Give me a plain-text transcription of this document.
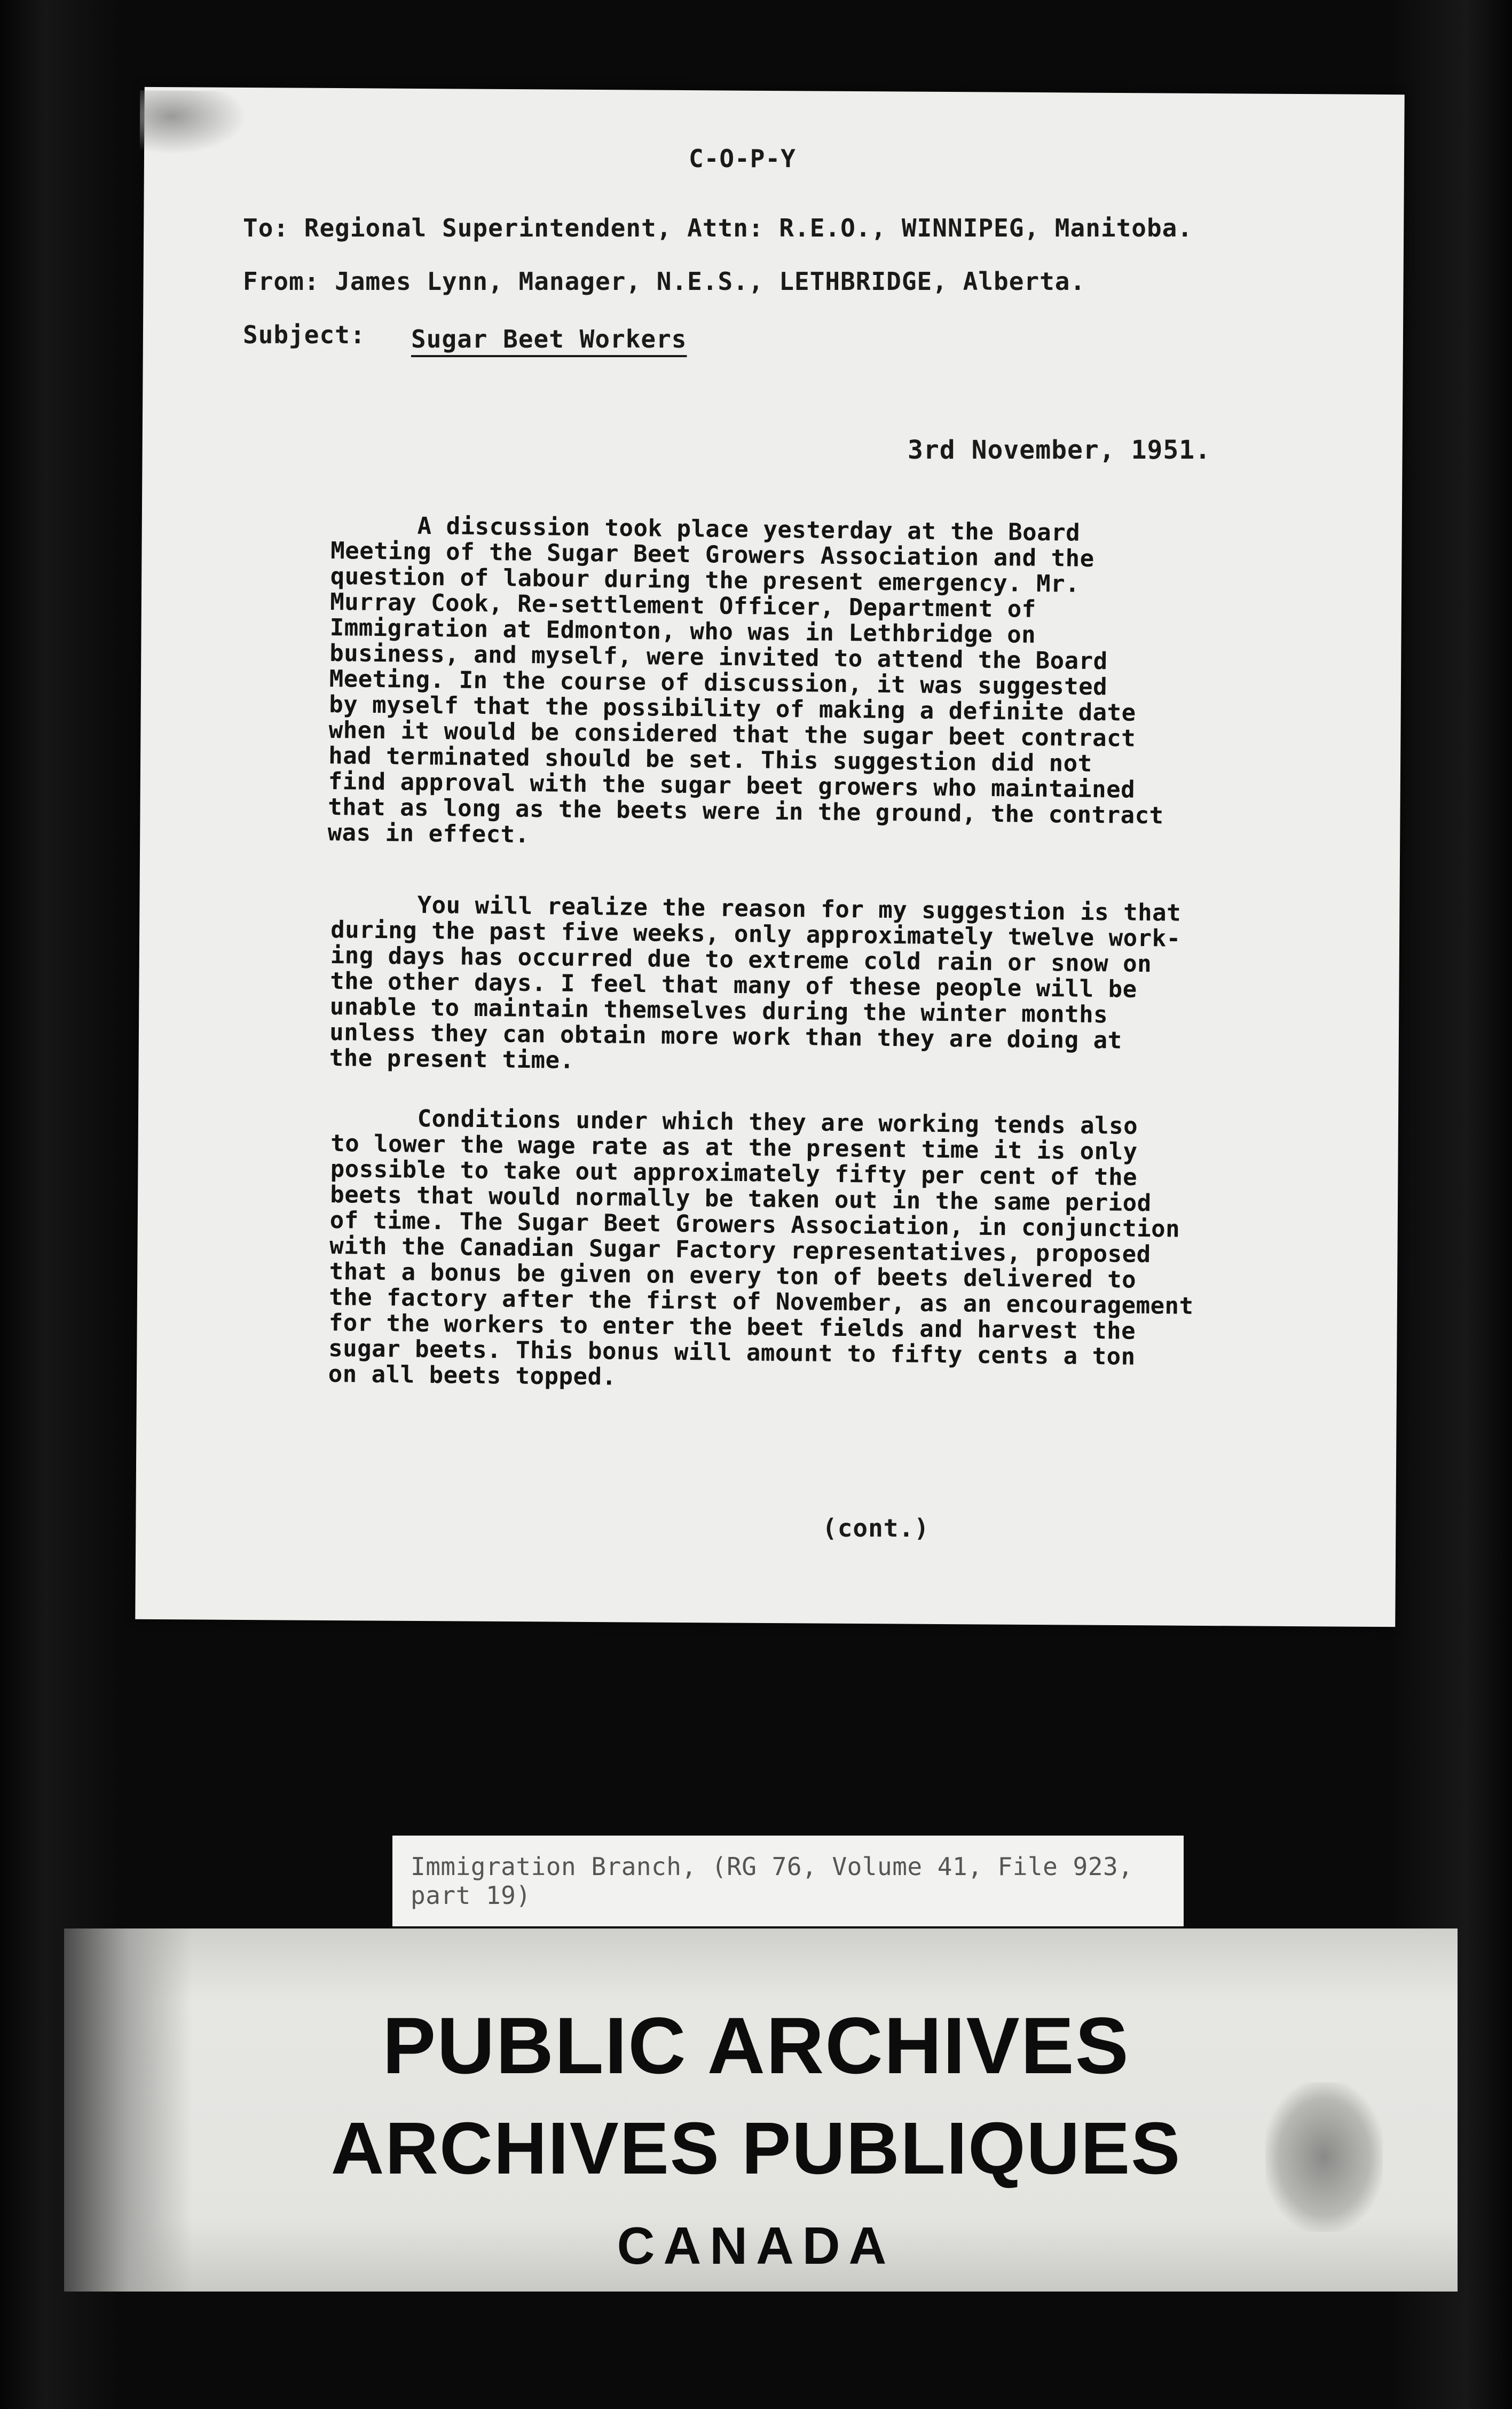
C-O-P-Y
To: Regional Superintendent, Attn: R.E.O., WINNIPEG, Manitoba.
From: James Lynn, Manager, N.E.S., LETHBRIDGE, Alberta.
Subject: Sugar Beet Workers
3rd November, 1951.

A discussion took place yesterday at the Board
Meeting of the Sugar Beet Growers Association and the
question of labour during the present emergency. Mr.
Murray Cook, Re-settlement Officer, Department of
Immigration at Edmonton, who was in Lethbridge on
business, and myself, were invited to attend the Board
Meeting. In the course of discussion, it was suggested
by myself that the possibility of making a definite date
when it would be considered that the sugar beet contract
had terminated should be set. This suggestion did not
find approval with the sugar beet growers who maintained
that as long as the beets were in the ground, the contract
was in effect.

You will realize the reason for my suggestion is that
during the past five weeks, only approximately twelve work-
ing days has occurred due to extreme cold rain or snow on
the other days. I feel that many of these people will be
unable to maintain themselves during the winter months
unless they can obtain more work than they are doing at
the present time.

Conditions under which they are working tends also
to lower the wage rate as at the present time it is only
possible to take out approximately fifty per cent of the
beets that would normally be taken out in the same period
of time. The Sugar Beet Growers Association, in conjunction
with the Canadian Sugar Factory representatives, proposed
that a bonus be given on every ton of beets delivered to
the factory after the first of November, as an encouragement
for the workers to enter the beet fields and harvest the
sugar beets. This bonus will amount to fifty cents a ton
on all beets topped.

(cont.)
Immigration Branch, (RG 76, Volume 41, File 923, part 19)
PUBLIC ARCHIVES
ARCHIVES PUBLIQUES
CANADA
